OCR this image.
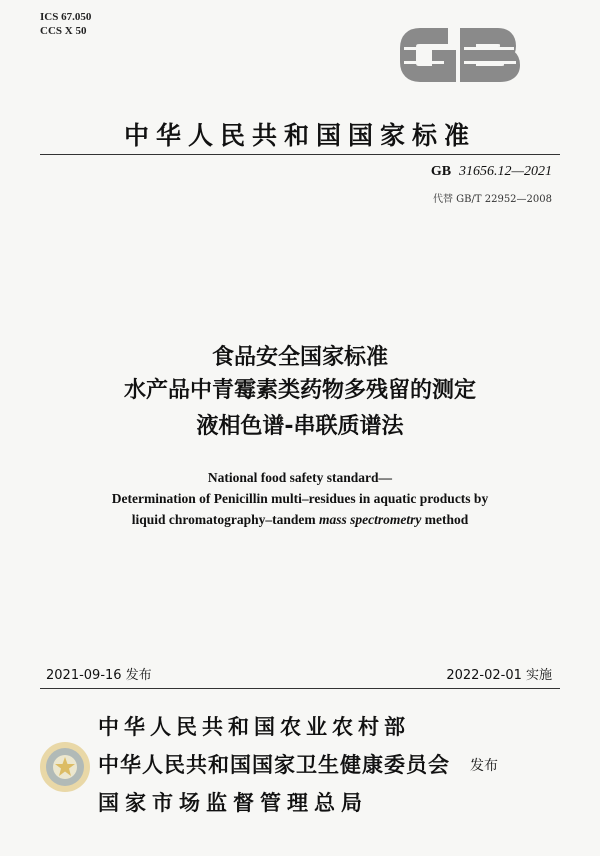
ICS 67.050
CCS X 50
中华人民共和国国家标准
GB 31656.12—2021
代替 GB/T 22952—2008
食品安全国家标准
水产品中青霉素类药物多残留的测定
液相色谱-串联质谱法
National food safety standard—
Determination of Penicillin multi–residues in aquatic products by
liquid chromatography–tandem mass spectrometry method
2021-09-16 发布	2022-02-01 实施
中华人民共和国农业农村部
中华人民共和国国家卫生健康委员会
国家市场监督管理总局
发布
